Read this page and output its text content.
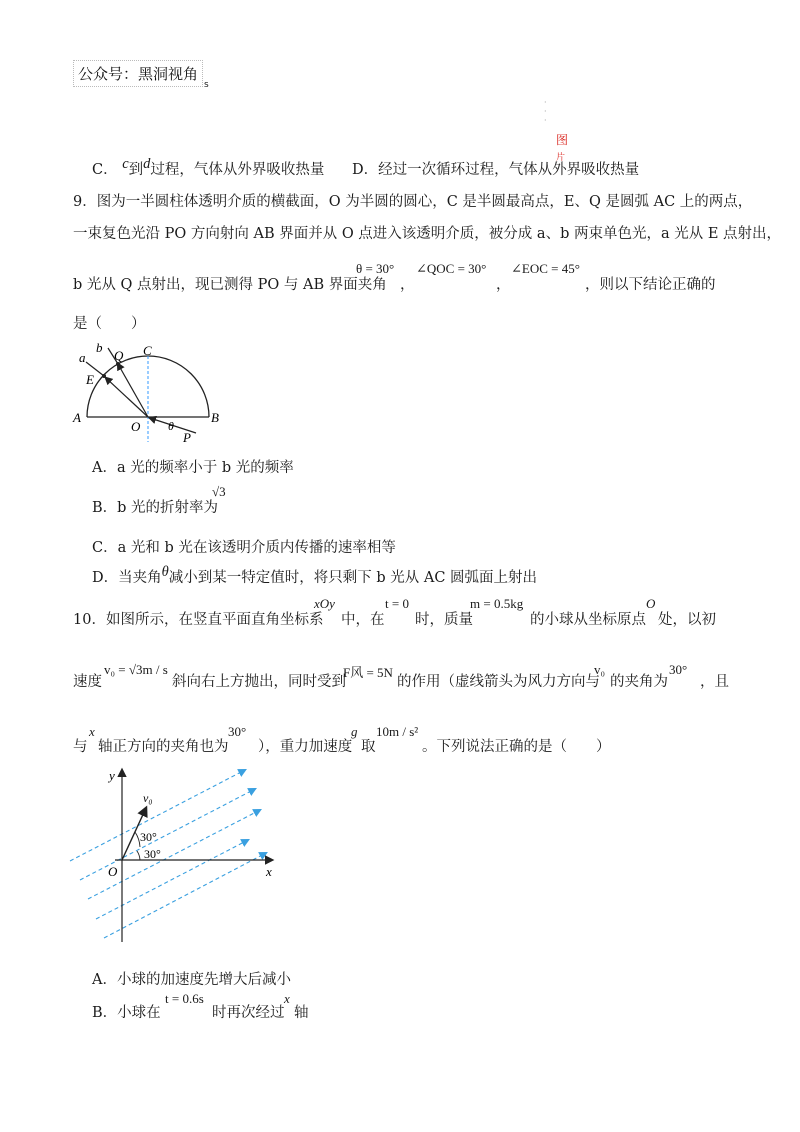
公众号：黑洞视角
s
·
·
·
图
片
C． c到d过程，气体从外界吸收热量 D．经过一次循环过程，气体从外界吸收热量
9．图为一半圆柱体透明介质的横截面，O 为半圆的圆心，C 是半圆最高点，E、Q 是圆弧 AC 上的两点，
一束复色光沿 PO 方向射向 AB 界面并从 O 点进入该透明介质，被分成 a、b 两束单色光，a 光从 E 点射出，
b 光从 Q 点射出，现已测得 PO 与 AB 界面夹角
θ = 30°
，
∠QOC = 30°
，
∠EOC = 45°
，则以下结论正确的
是（　　）
a
b
Q C
E
A
O θ
B
P
A．a 光的频率小于 b 光的频率
B．b 光的折射率为
√3
C．a 光和 b 光在该透明介质内传播的速率相等
D．当夹角θ减小到某一特定值时，将只剩下 b 光从 AC 圆弧面上射出
10．如图所示，在竖直平面直角坐标系
xOy
中，在
t = 0
时，质量
m = 0.5kg
的小球从坐标原点
O
处，以初
速度
v₀ = √3m / s
斜向右上方抛出，同时受到
F风 = 5N
的作用（虚线箭头为风力方向与
v₀
的夹角为
30°
，且
与
x
轴正方向的夹角也为
30°
），重力加速度
g
取
10m / s²
。下列说法正确的是（　　）
y
v₀
30°
30°
O	x
A．小球的加速度先增大后减小
B．小球在
t = 0.6s
时再次经过
x
轴
